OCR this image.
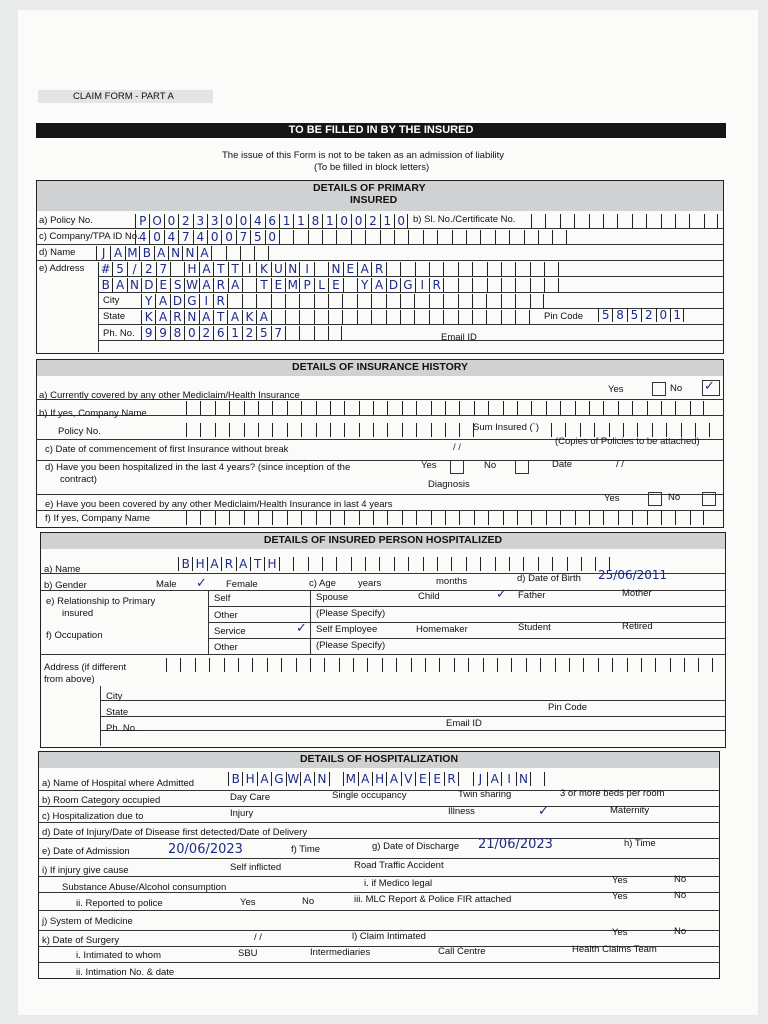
CLAIM FORM - PART A
TO BE FILLED IN BY THE INSURED
The issue of this Form is not to be taken as an admission of liability
(To be filled in block letters)
DETAILS OF PRIMARY
INSURED
a) Policy No.	P O 0 2 3 3 0 0 4 6 1 1 8 1 0 0 2 1 0 b) Sl. No./Certificate No.
c) Company/TPA ID No. 4 0 4 7 4 0 0 7 5 0
d) Name	J A M B A N N A
e) Address # 5 / 2 7 H A T T I K U N I	N E A R
B A N D E S W A R A	T E M P L E	Y A D G I R
City	Y A D G I R
State	K A R N A T A K A	Pin Code	5 8 5 2 0 1
Ph. No. 9 9 8 0 2 6 1 2 5 7	Email ID
DETAILS OF INSURANCE HISTORY
a) Currently covered by any other Mediclaim/Health Insurance
Yes	No ✓
b) If yes, Company Name
Policy No.	Sum Insured (`)
c) Date of commencement of first Insurance without break	/ /
(Copies of Policies to be attached)
d) Have you been hospitalized in the last 4 years? (since inception of the
contract)
Yes	No	Date	/ /
Diagnosis
e) Have you been covered by any other Mediclaim/Health Insurance in last 4 years
Yes	No
f) If yes, Company Name
DETAILS OF INSURED PERSON HOSPITALIZED
a) Name	B H A R A T H
b) Gender	Male ✓ Female	c) Age years	months	d) Date of Birth 25/06/2011
e) Relationship to Primary
insured
Self	Spouse	Child	✓ Father	Mother
Other	(Please Specify)
f) Occupation	Service	✓ Self Employee	Homemaker	Student	Retired
Other	(Please Specify)
Address (if different
from above)
City
State	Pin Code
Ph. No.	Email ID
DETAILS OF HOSPITALIZATION
a) Name of Hospital where Admitted	B H A G W A N M A H A V E E R	J A I N
b) Room Category occupied	Day Care	Single occupancy	Twin sharing	3 or more beds per room
c) Hospitalization due to	Injury	Illness	✓	Maternity
d) Date of Injury/Date of Disease first detected/Date of Delivery
e) Date of Admission	20/06/2023	f) Time	g) Date of Discharge 21/06/2023	h) Time
i) If injury give cause	Self inflicted	Road Traffic Accident
Substance Abuse/Alcohol consumption	i. if Medico legal	Yes	No
ii. Reported to police	Yes	No	iii. MLC Report & Police FIR attached	Yes	No
j) System of Medicine
k) Date of Surgery	/ /	l) Claim Intimated	Yes	No
i. Intimated to whom	SBU	Intermediaries	Call Centre	Health Claims Team
ii. Intimation No. & date
